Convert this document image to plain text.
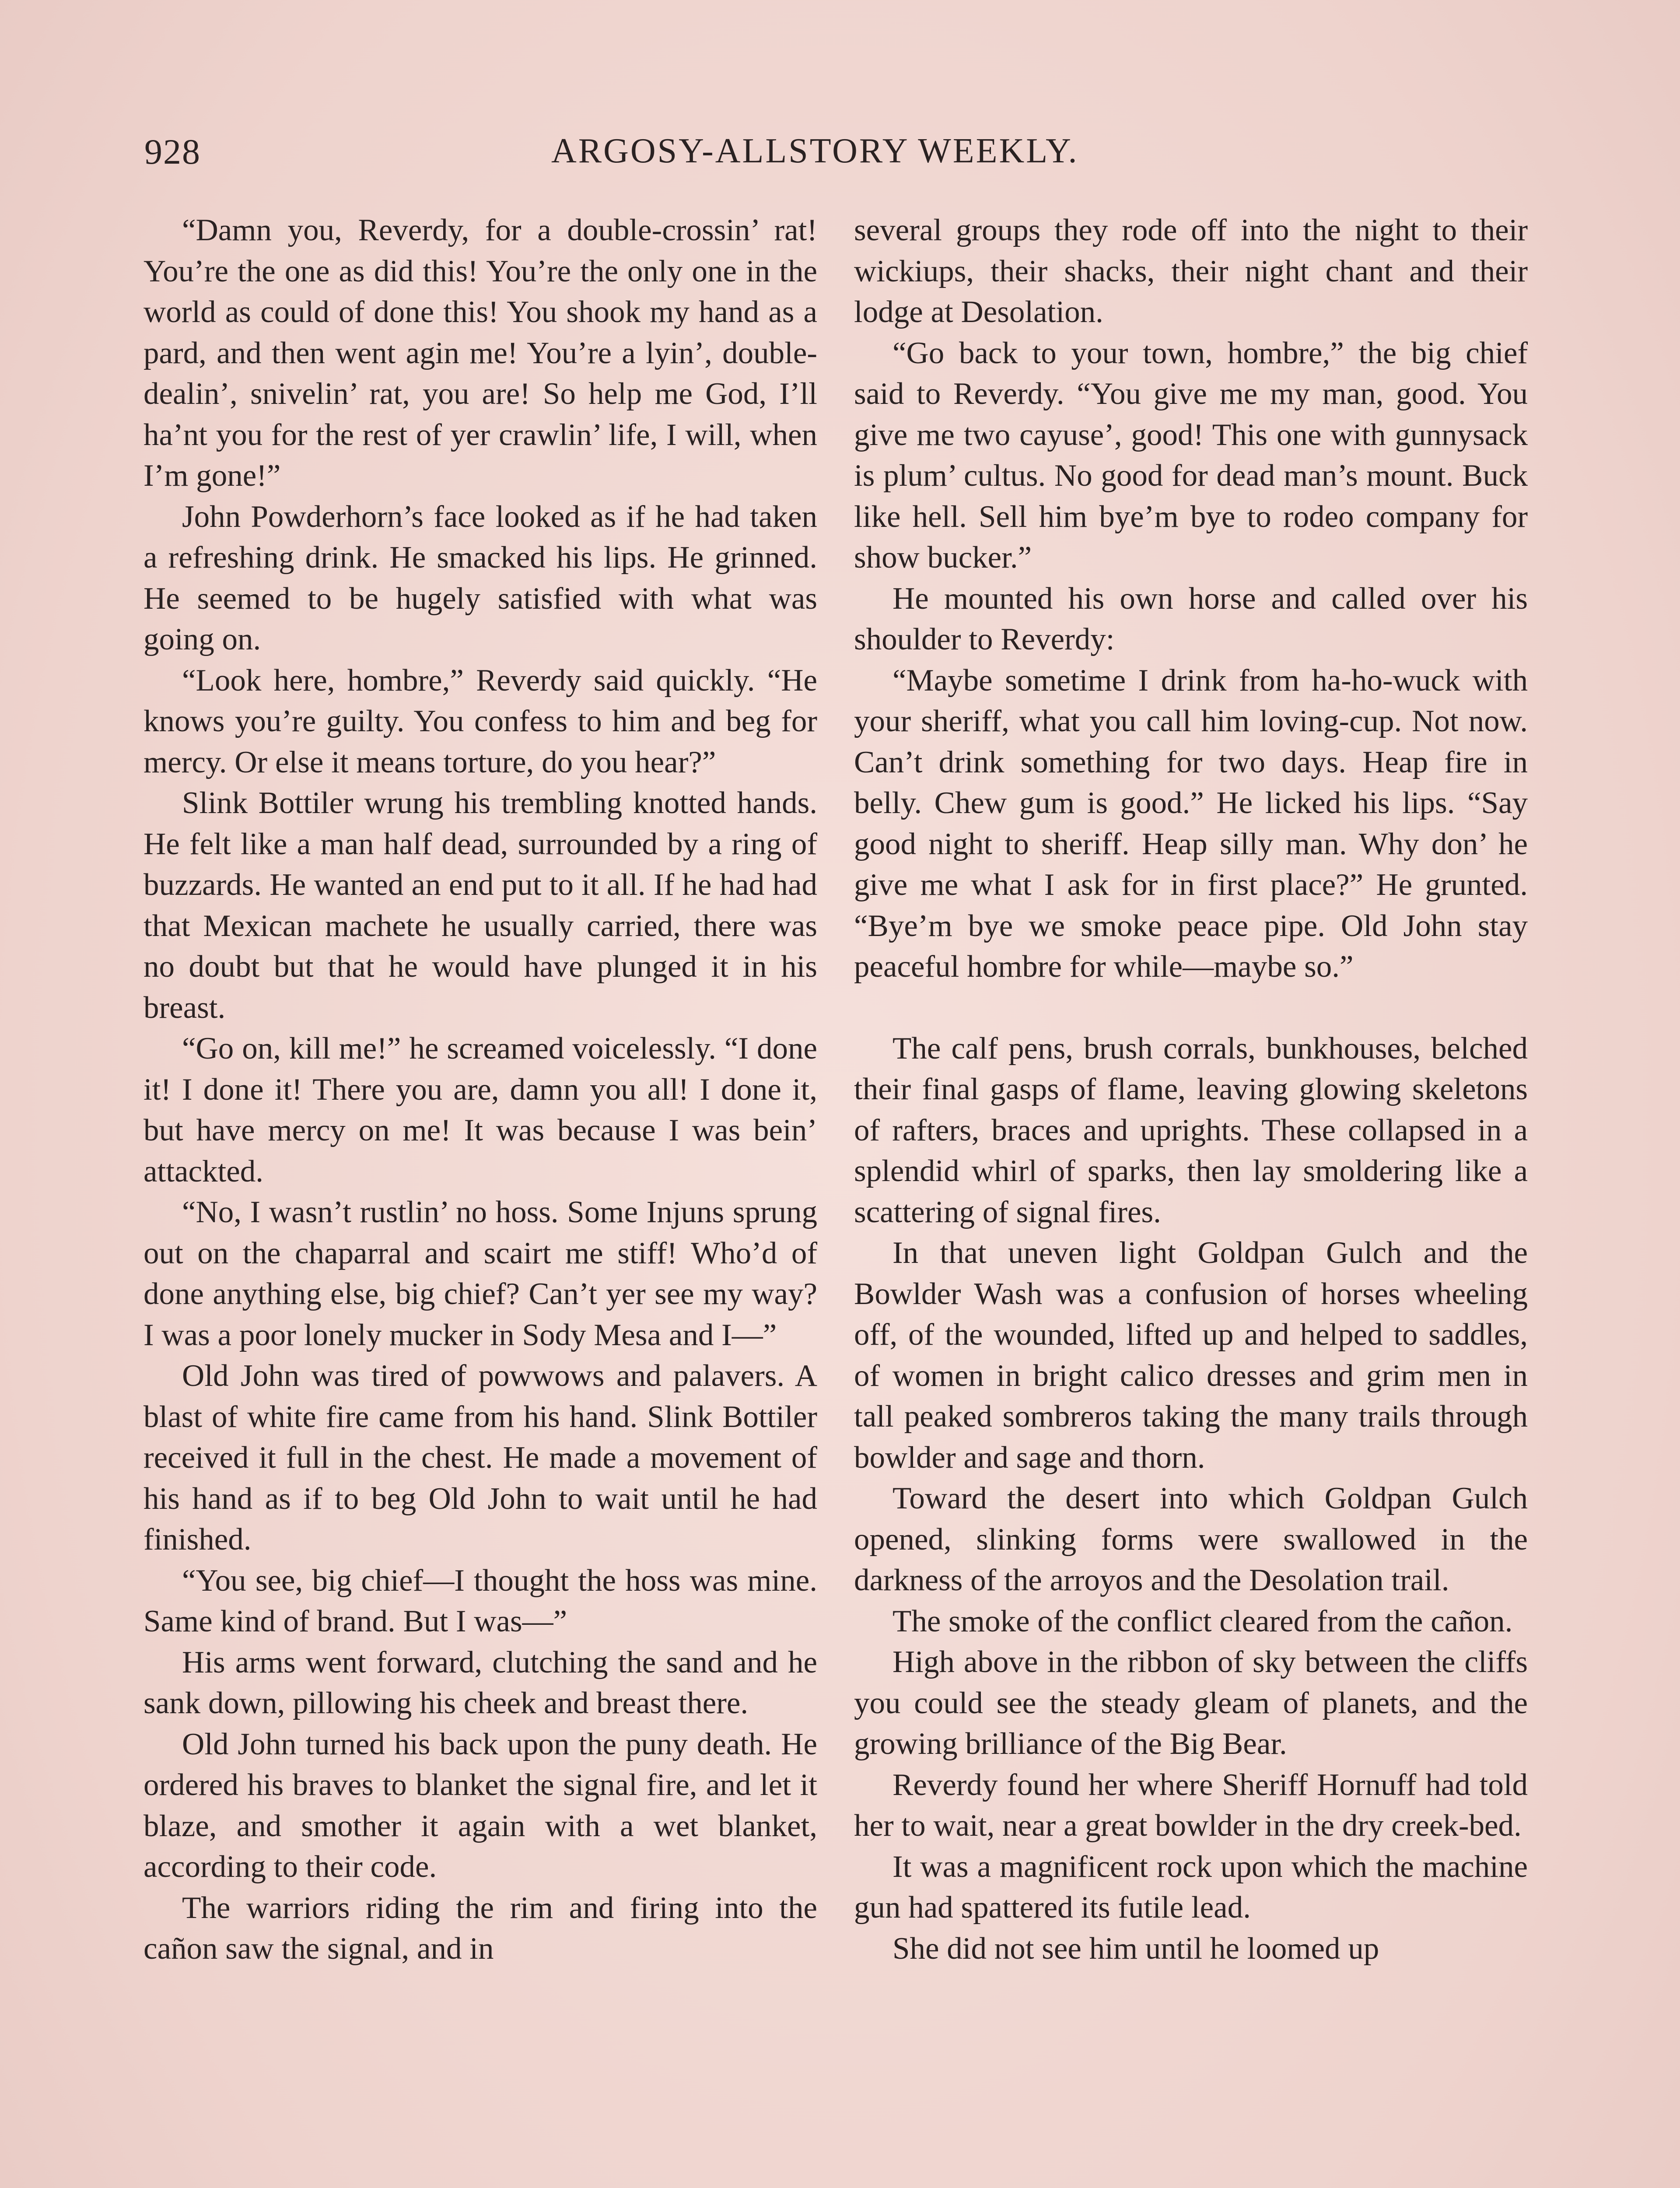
928	ARGOSY-ALLSTORY WEEKLY.

“Damn you, Reverdy, for a double-crossin’ rat! You’re the one as did this! You’re the only one in the world as could of done this! You shook my hand as a pard, and then went agin me! You’re a lyin’, double-dealin’, snivelin’ rat, you are! So help me God, I’ll ha’nt you for the rest of yer crawlin’ life, I will, when I’m gone!”

John Powderhorn’s face looked as if he had taken a refreshing drink. He smacked his lips. He grinned. He seemed to be hugely satisfied with what was going on.

“Look here, hombre,” Reverdy said quickly. “He knows you’re guilty. You confess to him and beg for mercy. Or else it means torture, do you hear?”

Slink Bottiler wrung his trembling knotted hands. He felt like a man half dead, surrounded by a ring of buzzards. He wanted an end put to it all. If he had had that Mexican machete he usually carried, there was no doubt but that he would have plunged it in his breast.

“Go on, kill me!” he screamed voicelessly. “I done it! I done it! There you are, damn you all! I done it, but have mercy on me! It was because I was bein’ attackted.

“No, I wasn’t rustlin’ no hoss. Some Injuns sprung out on the chaparral and scairt me stiff! Who’d of done anything else, big chief? Can’t yer see my way? I was a poor lonely mucker in Sody Mesa and I—”

Old John was tired of powwows and palavers. A blast of white fire came from his hand. Slink Bottiler received it full in the chest. He made a movement of his hand as if to beg Old John to wait until he had finished.

“You see, big chief—I thought the hoss was mine. Same kind of brand. But I was—”

His arms went forward, clutching the sand and he sank down, pillowing his cheek and breast there.

Old John turned his back upon the puny death. He ordered his braves to blanket the signal fire, and let it blaze, and smother it again with a wet blanket, according to their code.

The warriors riding the rim and firing into the cañon saw the signal, and in

several groups they rode off into the night to their wickiups, their shacks, their night chant and their lodge at Desolation.

“Go back to your town, hombre,” the big chief said to Reverdy. “You give me my man, good. You give me two cayuse’, good! This one with gunnysack is plum’ cultus. No good for dead man’s mount. Buck like hell. Sell him bye’m bye to rodeo company for show bucker.”

He mounted his own horse and called over his shoulder to Reverdy:

“Maybe sometime I drink from ha-ho-wuck with your sheriff, what you call him loving-cup. Not now. Can’t drink something for two days. Heap fire in belly. Chew gum is good.” He licked his lips. “Say good night to sheriff. Heap silly man. Why don’ he give me what I ask for in first place?” He grunted. “Bye’m bye we smoke peace pipe. Old John stay peaceful hombre for while—maybe so.”

The calf pens, brush corrals, bunkhouses, belched their final gasps of flame, leaving glowing skeletons of rafters, braces and uprights. These collapsed in a splendid whirl of sparks, then lay smoldering like a scattering of signal fires.

In that uneven light Goldpan Gulch and the Bowlder Wash was a confusion of horses wheeling off, of the wounded, lifted up and helped to saddles, of women in bright calico dresses and grim men in tall peaked sombreros taking the many trails through bowlder and sage and thorn.

Toward the desert into which Goldpan Gulch opened, slinking forms were swallowed in the darkness of the arroyos and the Desolation trail.

The smoke of the conflict cleared from the cañon.

High above in the ribbon of sky between the cliffs you could see the steady gleam of planets, and the growing brilliance of the Big Bear.

Reverdy found her where Sheriff Hornuff had told her to wait, near a great bowlder in the dry creek-bed.

It was a magnificent rock upon which the machine gun had spattered its futile lead.

She did not see him until he loomed up
